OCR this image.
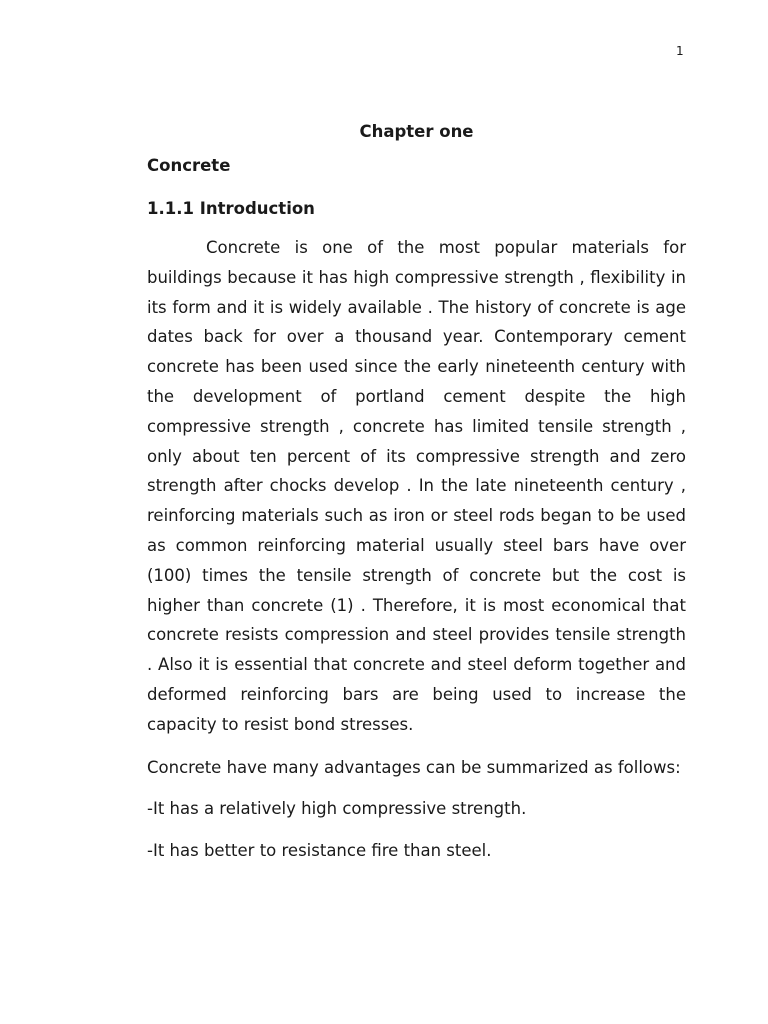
1
Chapter one
Concrete
1.1.1 Introduction

Concrete is one of the most popular materials for buildings because it has high compressive strength , flexibility in its form and it is widely available . The history of concrete is age dates back for over a thousand year. Contemporary cement concrete has been used since the early nineteenth century with the development of portland cement despite the high compressive strength , concrete has limited tensile strength , only about ten percent of its compressive strength and zero strength after chocks develop . In the late nineteenth century , reinforcing materials such as iron or steel rods began to be used as common reinforcing material usually steel bars have over (100) times the tensile strength of concrete but the cost is higher than concrete (1) . Therefore, it is most economical that concrete resists compression and steel provides tensile strength . Also it is essential that concrete and steel deform together and deformed reinforcing bars are being used to increase the capacity to resist bond stresses.

Concrete have many advantages can be summarized as follows:

-It has a relatively high compressive strength.

-It has better to resistance fire than steel.
